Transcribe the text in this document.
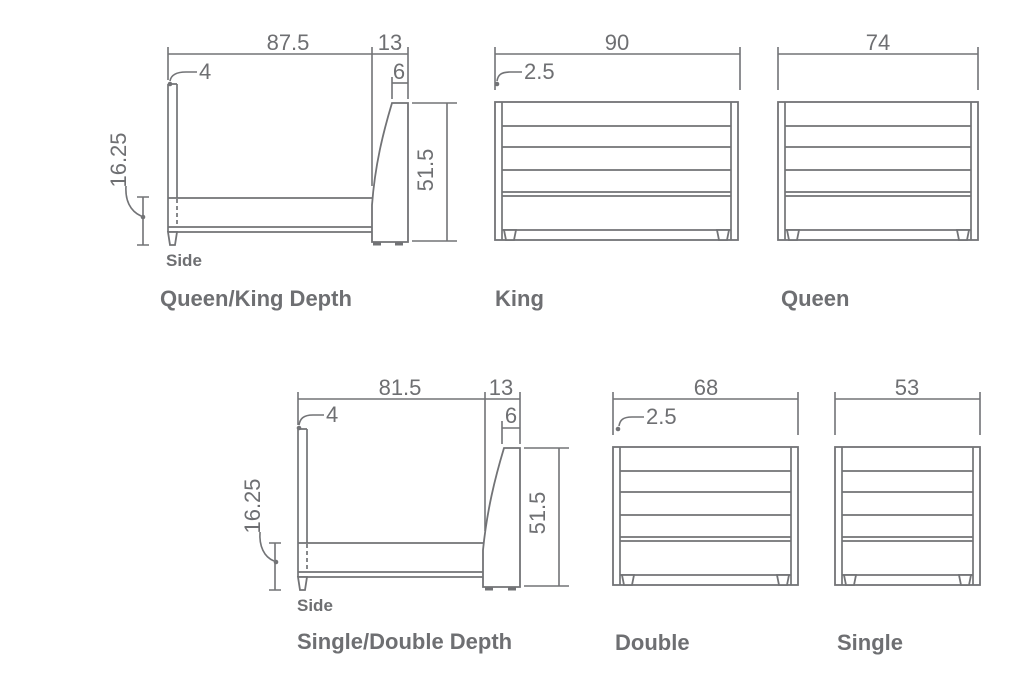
87.5	13
6
4
16.25	51.5
Side
Queen/King Depth
90
2.5
King
74
Queen
81.5	13
6
4
16.25	51.5
Side
Single/Double Depth
68
2.5
Double
53
Single
